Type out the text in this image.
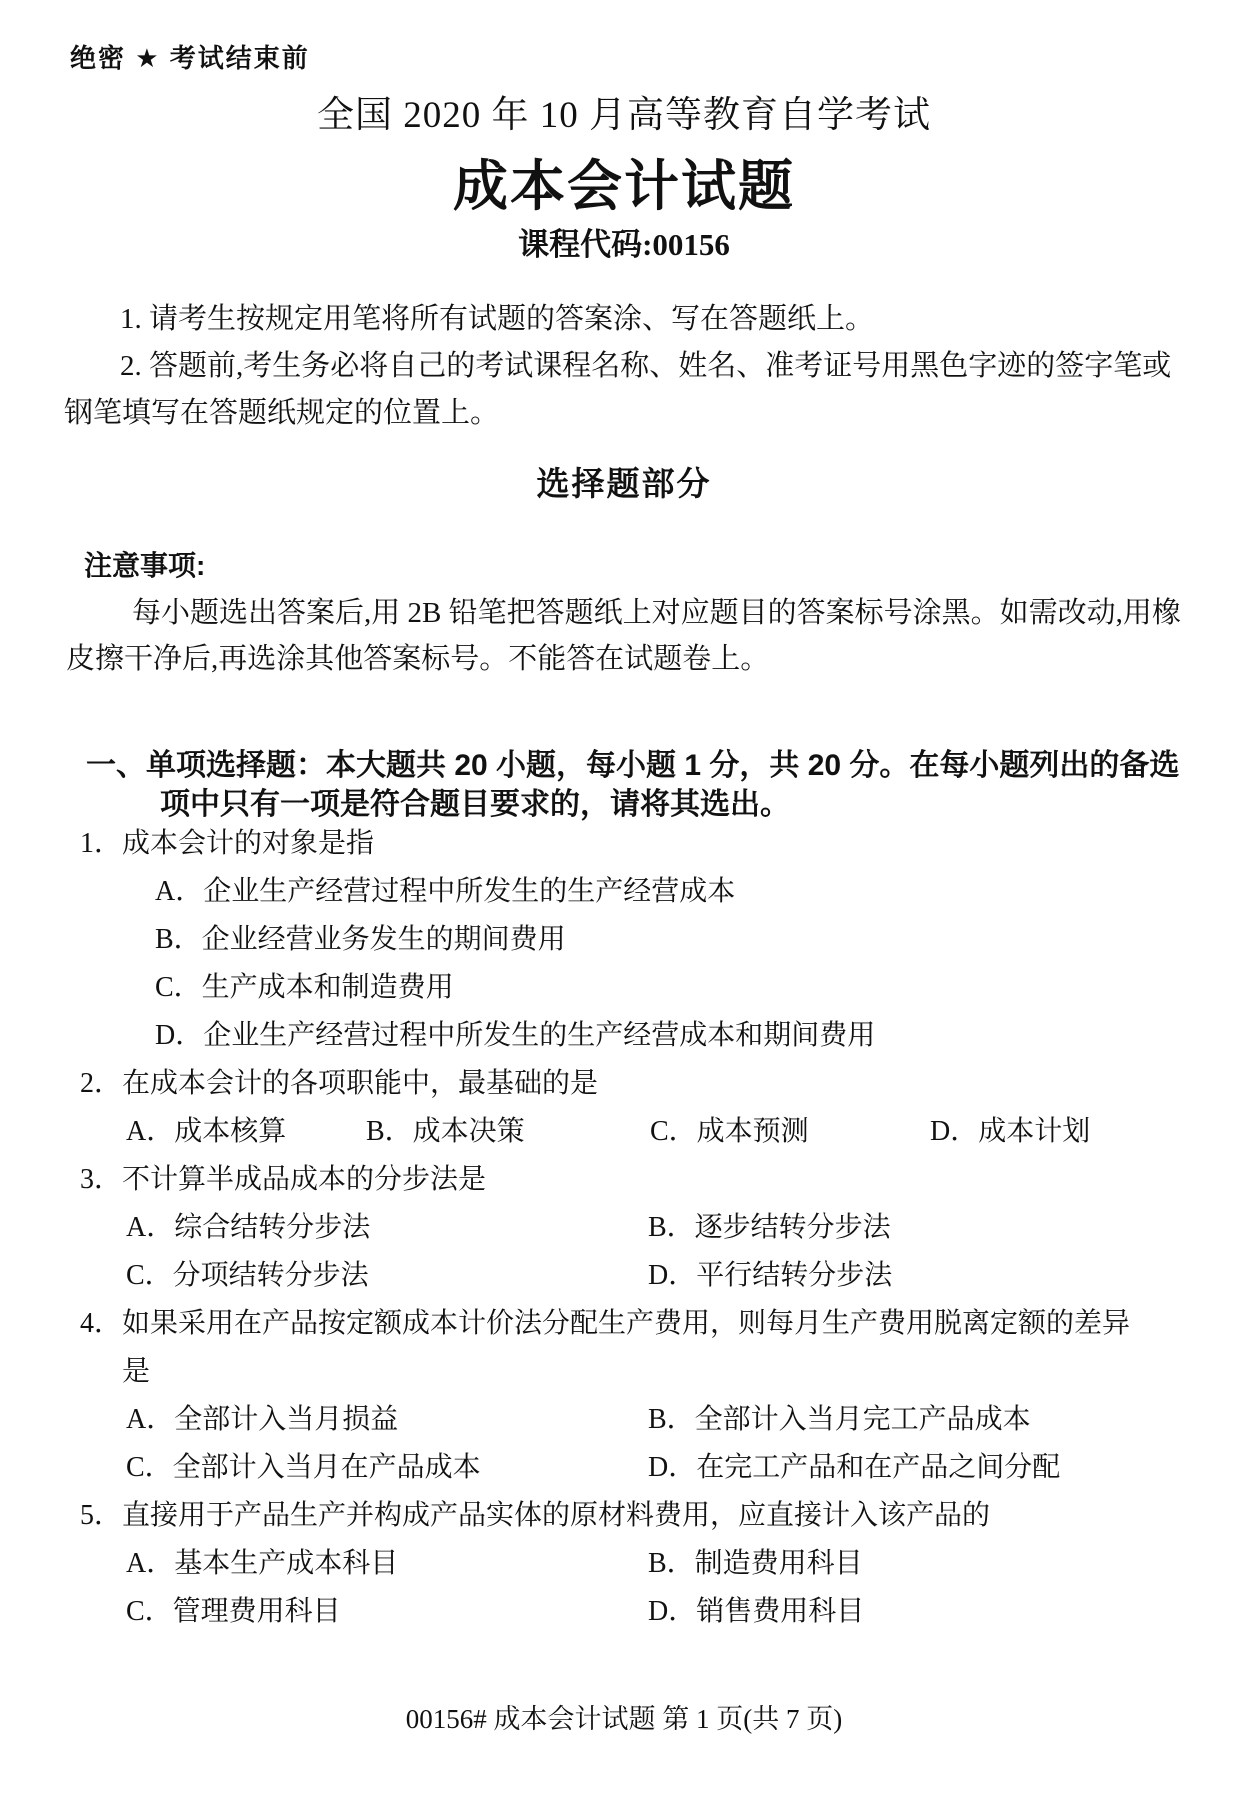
绝密 ★ 考试结束前
全国 2020 年 10 月高等教育自学考试
成本会计试题
课程代码:00156

1. 请考生按规定用笔将所有试题的答案涂、写在答题纸上。

2. 答题前,考生务必将自己的考试课程名称、姓名、准考证号用黑色字迹的签字笔或钢笔填写在答题纸规定的位置上。

选择题部分
注意事项:

每小题选出答案后,用 2B 铅笔把答题纸上对应题目的答案标号涂黑。如需改动,用橡皮擦干净后,再选涂其他答案标号。不能答在试题卷上。

一、单项选择题：本大题共 20 小题，每小题 1 分，共 20 分。在每小题列出的备选项中只有一项是符合题目要求的，请将其选出。
1．成本会计的对象是指
A．企业生产经营过程中所发生的生产经营成本
B．企业经营业务发生的期间费用
C．生产成本和制造费用
D．企业生产经营过程中所发生的生产经营成本和期间费用
2．在成本会计的各项职能中，最基础的是
A．成本核算	B．成本决策	C．成本预测	D．成本计划
3．不计算半成品成本的分步法是
A．综合结转分步法	B．逐步结转分步法
C．分项结转分步法	D．平行结转分步法
4．如果采用在产品按定额成本计价法分配生产费用，则每月生产费用脱离定额的差异是
A．全部计入当月损益	B．全部计入当月完工产品成本
C．全部计入当月在产品成本	D．在完工产品和在产品之间分配
5．直接用于产品生产并构成产品实体的原材料费用，应直接计入该产品的
A．基本生产成本科目	B．制造费用科目
C．管理费用科目	D．销售费用科目
00156# 成本会计试题 第 1 页(共 7 页)
